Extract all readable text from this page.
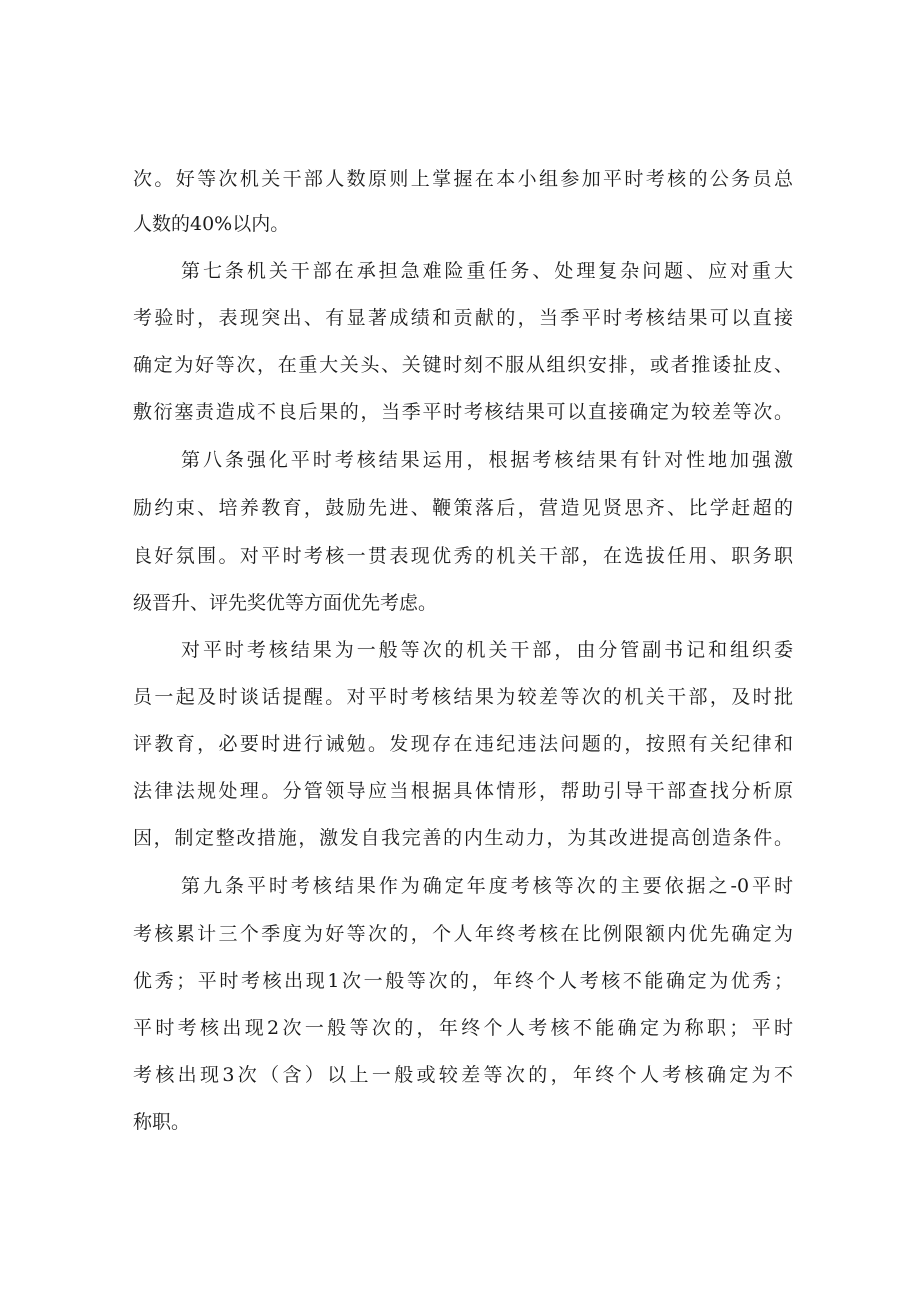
次。好等次机关干部人数原则上掌握在本小组参加平时考核的公务员总
人数的40%以内。
第七条机关干部在承担急难险重任务、处理复杂问题、应对重大
考验时，表现突出、有显著成绩和贡献的，当季平时考核结果可以直接
确定为好等次，在重大关头、关键时刻不服从组织安排，或者推诿扯皮、
敷衍塞责造成不良后果的，当季平时考核结果可以直接确定为较差等次。
第八条强化平时考核结果运用，根据考核结果有针对性地加强激
励约束、培养教育，鼓励先进、鞭策落后，营造见贤思齐、比学赶超的
良好氛围。对平时考核一贯表现优秀的机关干部，在选拔任用、职务职
级晋升、评先奖优等方面优先考虑。
对平时考核结果为一般等次的机关干部，由分管副书记和组织委
员一起及时谈话提醒。对平时考核结果为较差等次的机关干部，及时批
评教育，必要时进行诫勉。发现存在违纪违法问题的，按照有关纪律和
法律法规处理。分管领导应当根据具体情形，帮助引导干部查找分析原
因，制定整改措施，激发自我完善的内生动力，为其改进提高创造条件。
第九条平时考核结果作为确定年度考核等次的主要依据之-0平时
考核累计三个季度为好等次的，个人年终考核在比例限额内优先确定为
优秀；平时考核出现1次一般等次的，年终个人考核不能确定为优秀；
平时考核出现2次一般等次的，年终个人考核不能确定为称职；平时
考核出现3次（含）以上一般或较差等次的，年终个人考核确定为不
称职。
